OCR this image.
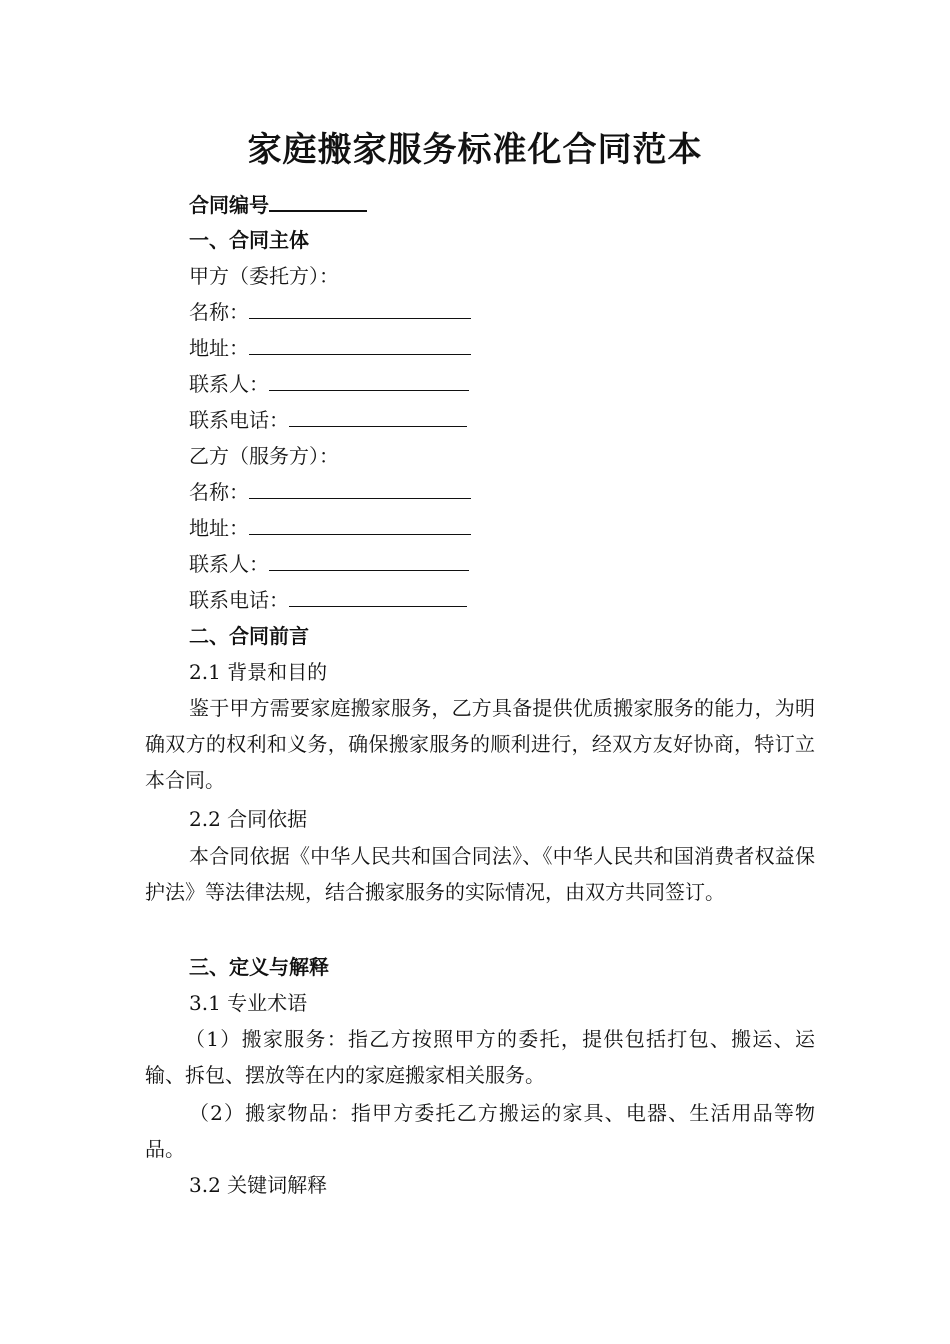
家庭搬家服务标准化合同范本
合同编号
一、合同主体
甲方（委托方）：
名称：
地址：
联系人：
联系电话：
乙方（服务方）：
名称：
地址：
联系人：
联系电话：
二、合同前言
2.1 背景和目的
鉴于甲方需要家庭搬家服务，乙方具备提供优质搬家服务的能力，为明确双方的权利和义务，确保搬家服务的顺利进行，经双方友好协商，特订立本合同。
2.2 合同依据
本合同依据《中华人民共和国合同法》、《中华人民共和国消费者权益保护法》等法律法规，结合搬家服务的实际情况，由双方共同签订。
三、定义与解释
3.1 专业术语
（1）搬家服务：指乙方按照甲方的委托，提供包括打包、搬运、运输、拆包、摆放等在内的家庭搬家相关服务。
（2）搬家物品：指甲方委托乙方搬运的家具、电器、生活用品等物品。
3.2 关键词解释
